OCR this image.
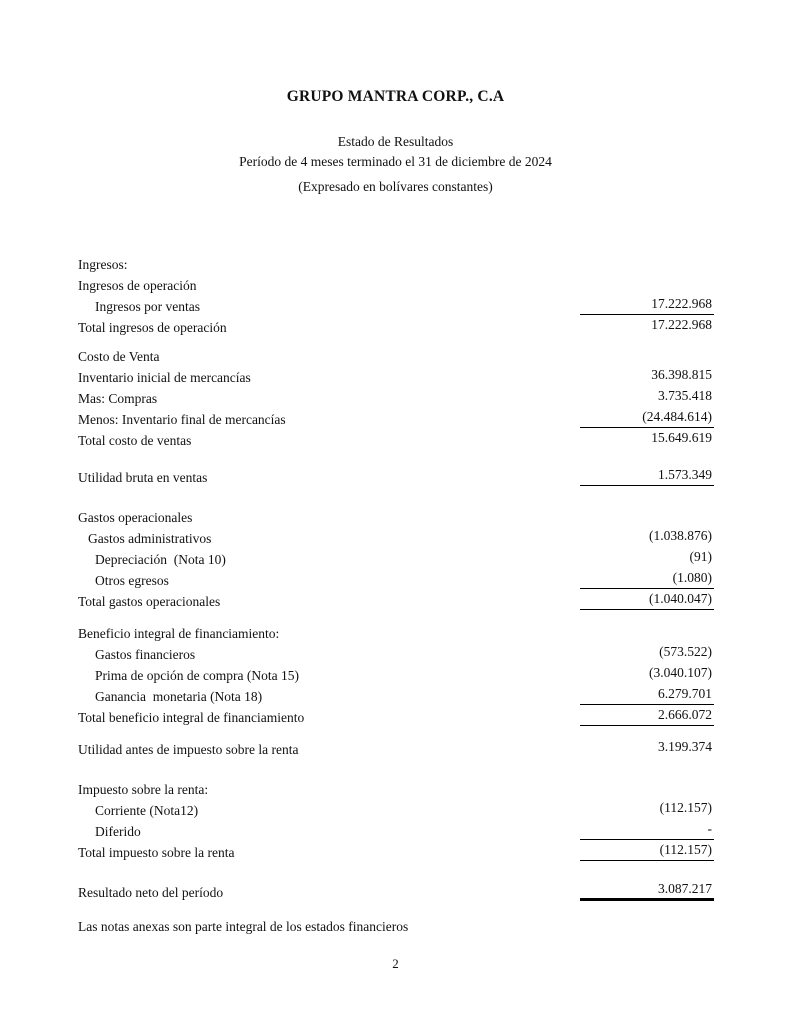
GRUPO MANTRA CORP., C.A
Estado de Resultados
Período de 4 meses terminado el 31 de diciembre de 2024
(Expresado en bolívares constantes)
Ingresos:
Ingresos de operación
Ingresos por ventas	17.222.968
Total ingresos de operación	17.222.968
Costo de Venta
Inventario inicial de mercancías	36.398.815
Mas: Compras	3.735.418
Menos: Inventario final de mercancías	(24.484.614)
Total costo de ventas	15.649.619
Utilidad bruta en ventas	1.573.349
Gastos operacionales
Gastos administrativos	(1.038.876)
Depreciación  (Nota 10)	(91)
Otros egresos	(1.080)
Total gastos operacionales	(1.040.047)
Beneficio integral de financiamiento:
Gastos financieros	(573.522)
Prima de opción de compra (Nota 15)	(3.040.107)
Ganancia  monetaria (Nota 18)	6.279.701
Total beneficio integral de financiamiento	2.666.072
Utilidad antes de impuesto sobre la renta	3.199.374
Impuesto sobre la renta:
Corriente (Nota12)	(112.157)
Diferido	-
Total impuesto sobre la renta	(112.157)
Resultado neto del período	3.087.217
Las notas anexas son parte integral de los estados financieros
2
